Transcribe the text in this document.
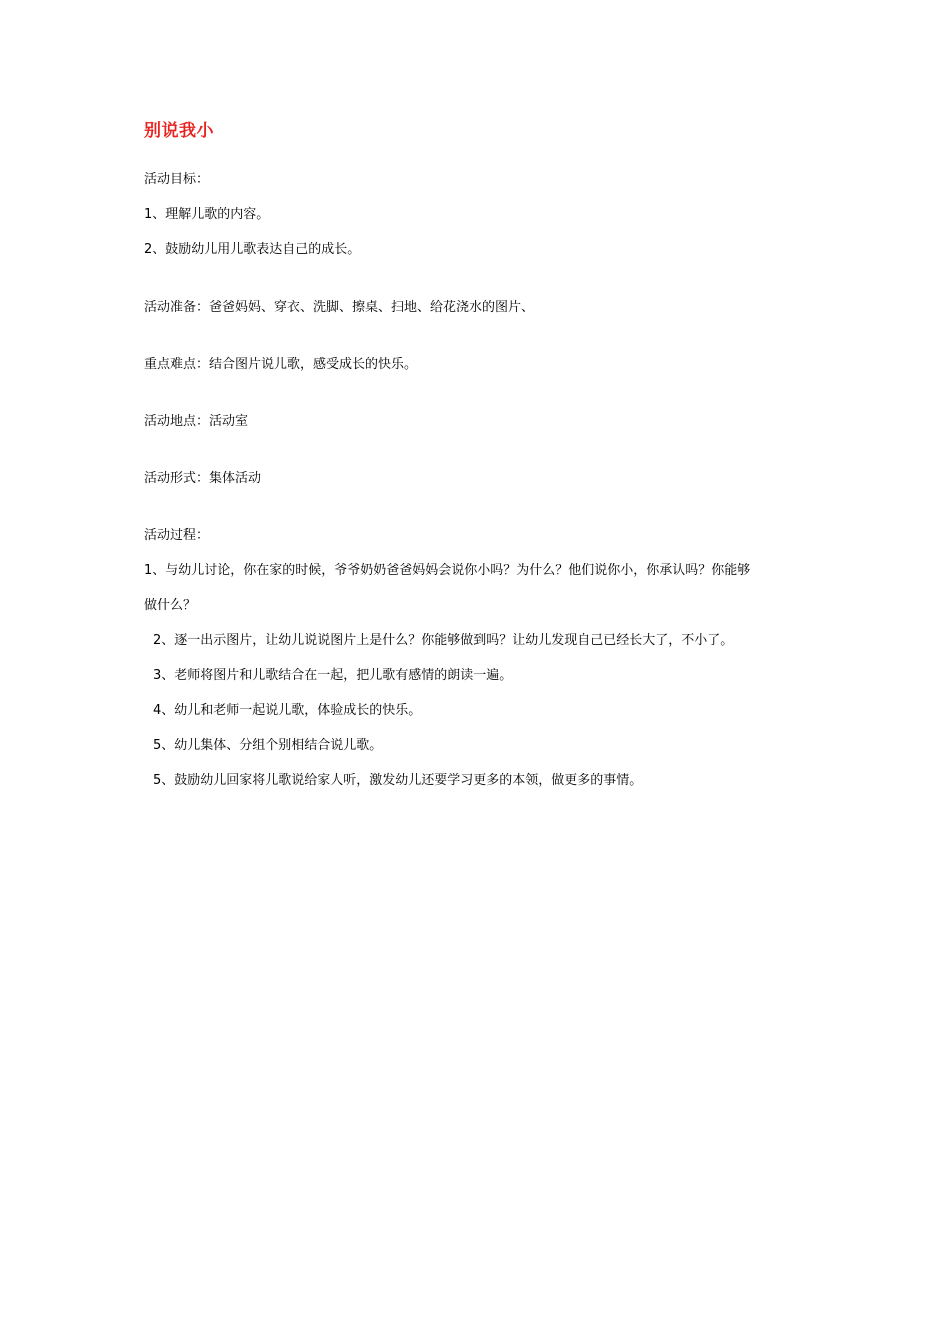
别说我小
活动目标：
1、理解儿歌的内容。
2、鼓励幼儿用儿歌表达自己的成长。
活动准备：爸爸妈妈、穿衣、洗脚、擦桌、扫地、给花浇水的图片、
重点难点：结合图片说儿歌，感受成长的快乐。
活动地点：活动室
活动形式：集体活动
活动过程：
1、与幼儿讨论，你在家的时候，爷爷奶奶爸爸妈妈会说你小吗？为什么？他们说你小，你承认吗？你能够
做什么？
2、逐一出示图片，让幼儿说说图片上是什么？你能够做到吗？让幼儿发现自己已经长大了，不小了。
3、老师将图片和儿歌结合在一起，把儿歌有感情的朗读一遍。
4、幼儿和老师一起说儿歌，体验成长的快乐。
5、幼儿集体、分组个别相结合说儿歌。
5、鼓励幼儿回家将儿歌说给家人听，激发幼儿还要学习更多的本领，做更多的事情。
